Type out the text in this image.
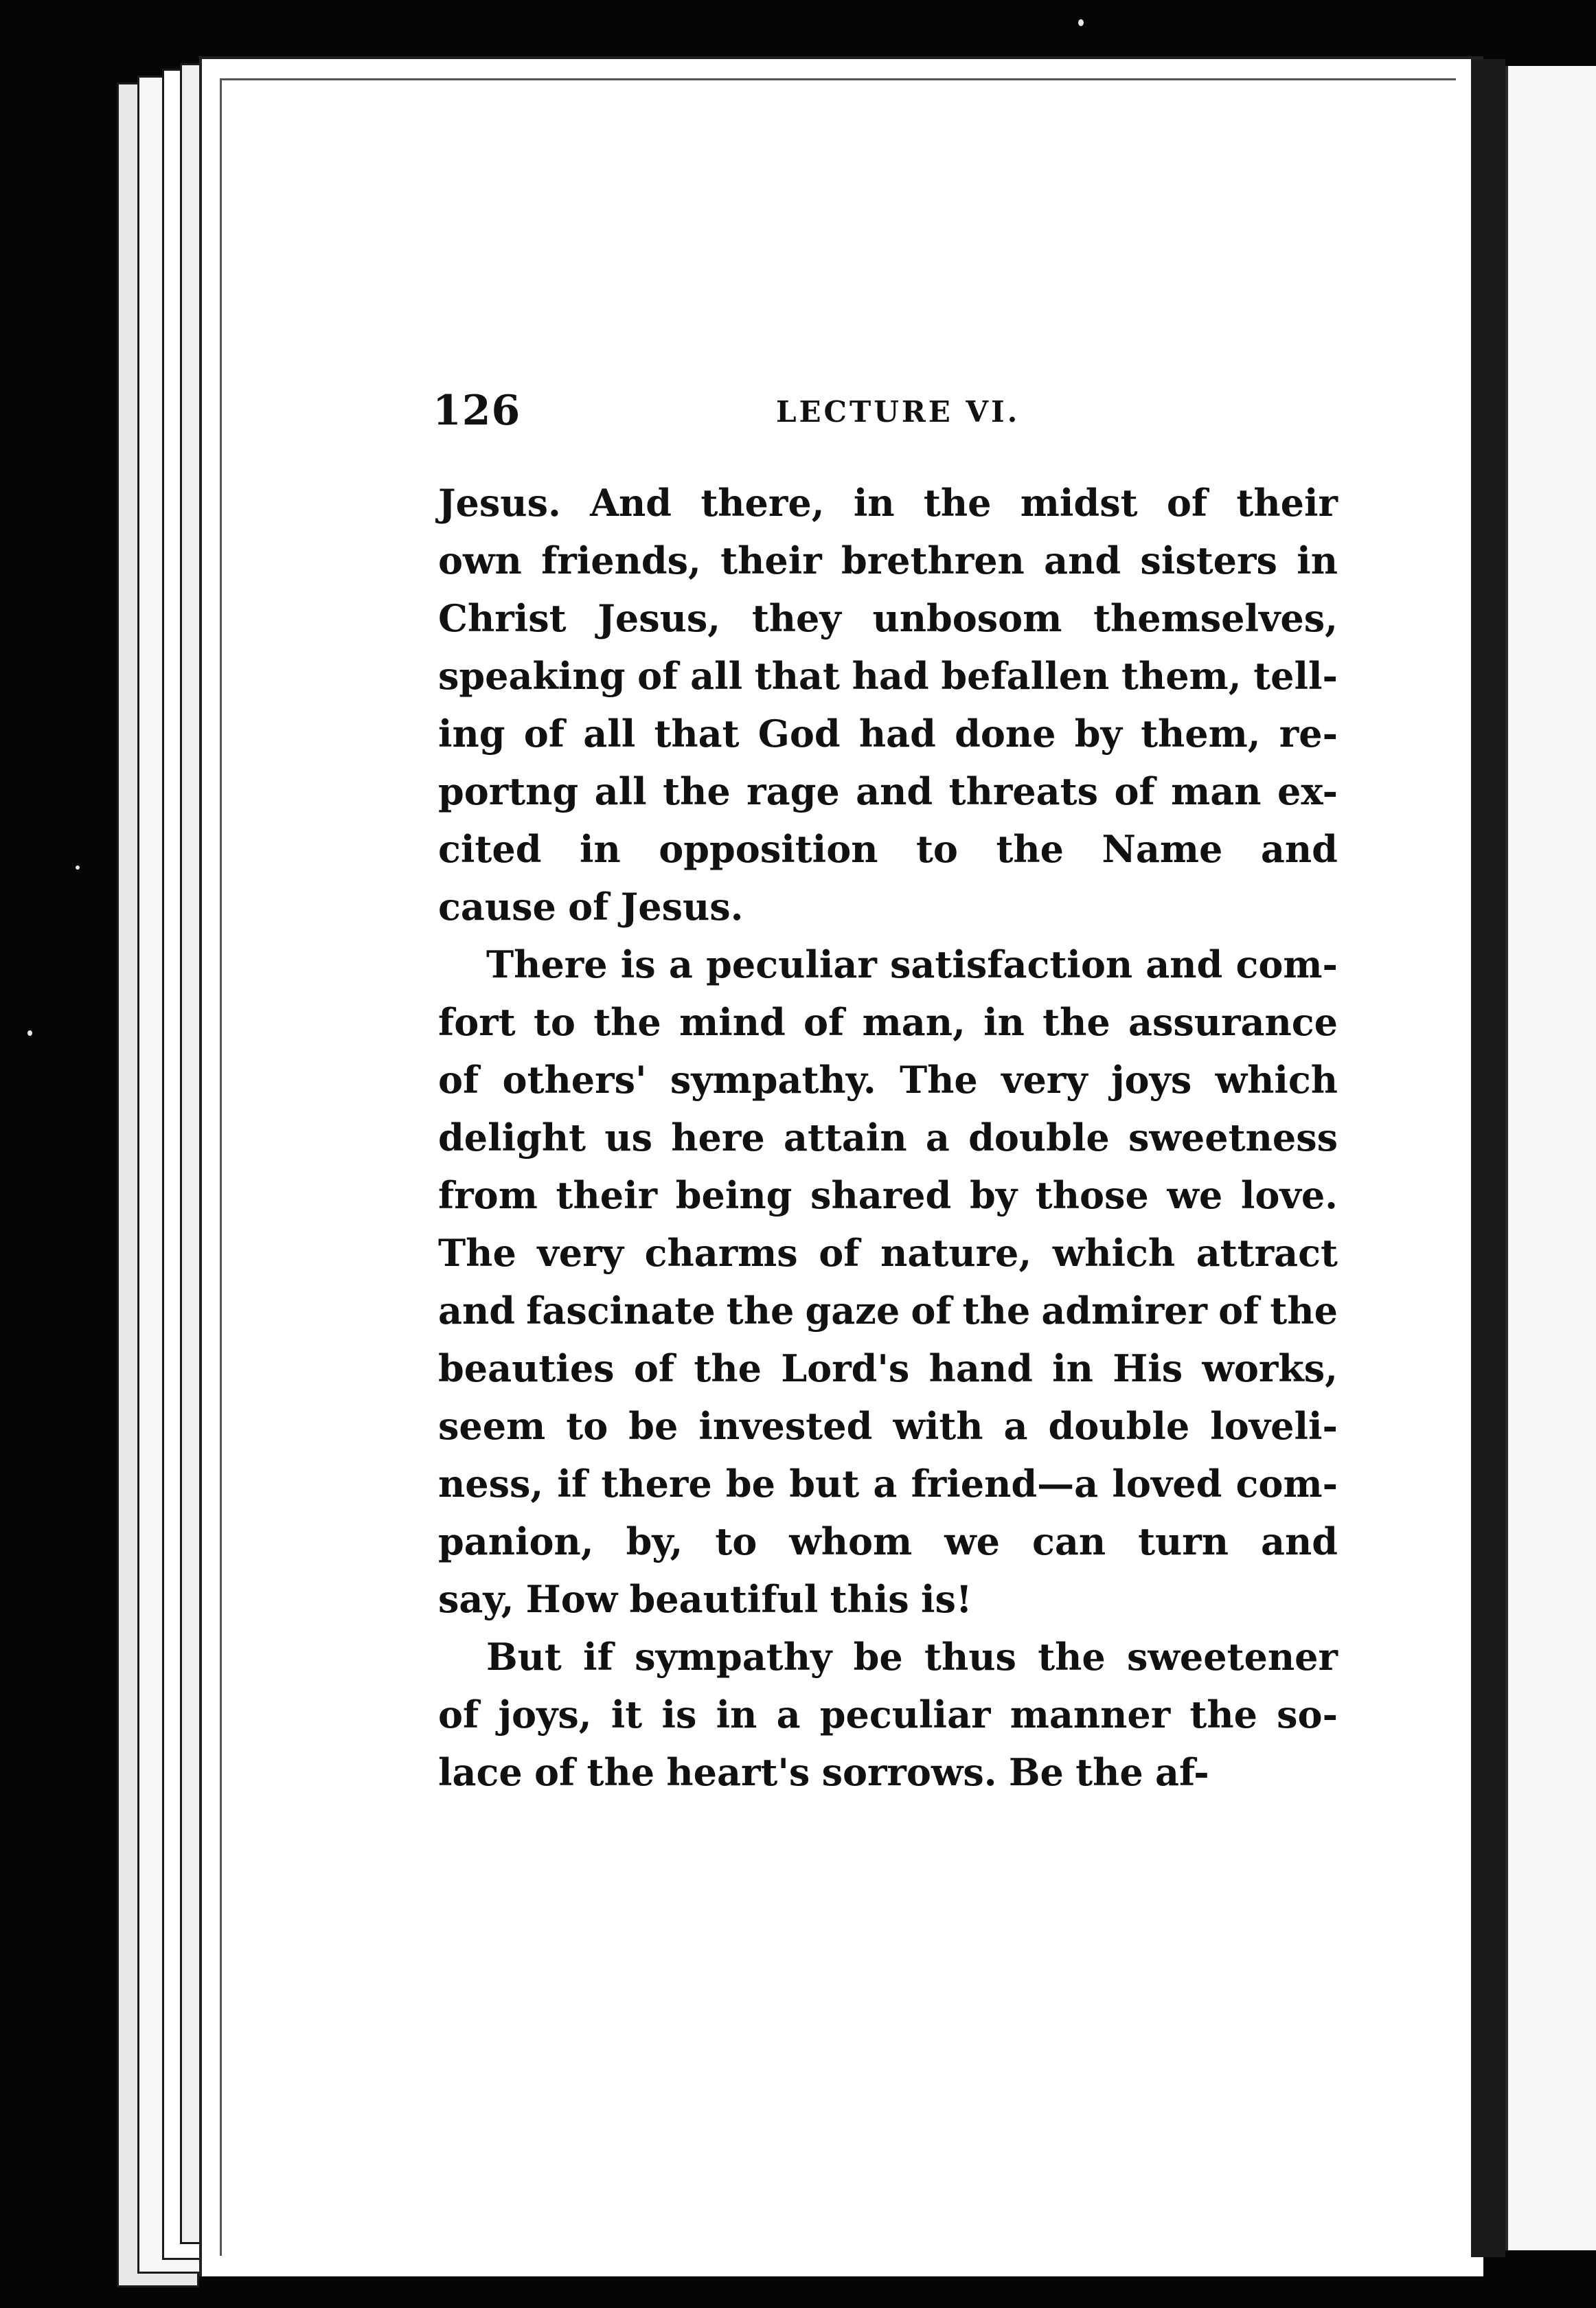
126	LECTURE VI.
Jesus. And there, in the midst of their
own friends, their brethren and sisters in
Christ Jesus, they unbosom themselves,
speaking of all that had befallen them, tell-
ing of all that God had done by them, re-
portng all the rage and threats of man ex-
cited in opposition to the Name and
cause of Jesus.
There is a peculiar satisfaction and com-
fort to the mind of man, in the assurance
of others' sympathy. The very joys which
delight us here attain a double sweetness
from their being shared by those we love.
The very charms of nature, which attract
and fascinate the gaze of the admirer of the
beauties of the Lord's hand in His works,
seem to be invested with a double loveli-
ness, if there be but a friend—a loved com-
panion, by, to whom we can turn and
say, How beautiful this is!
But if sympathy be thus the sweetener
of joys, it is in a peculiar manner the so-
lace of the heart's sorrows. Be the af-
